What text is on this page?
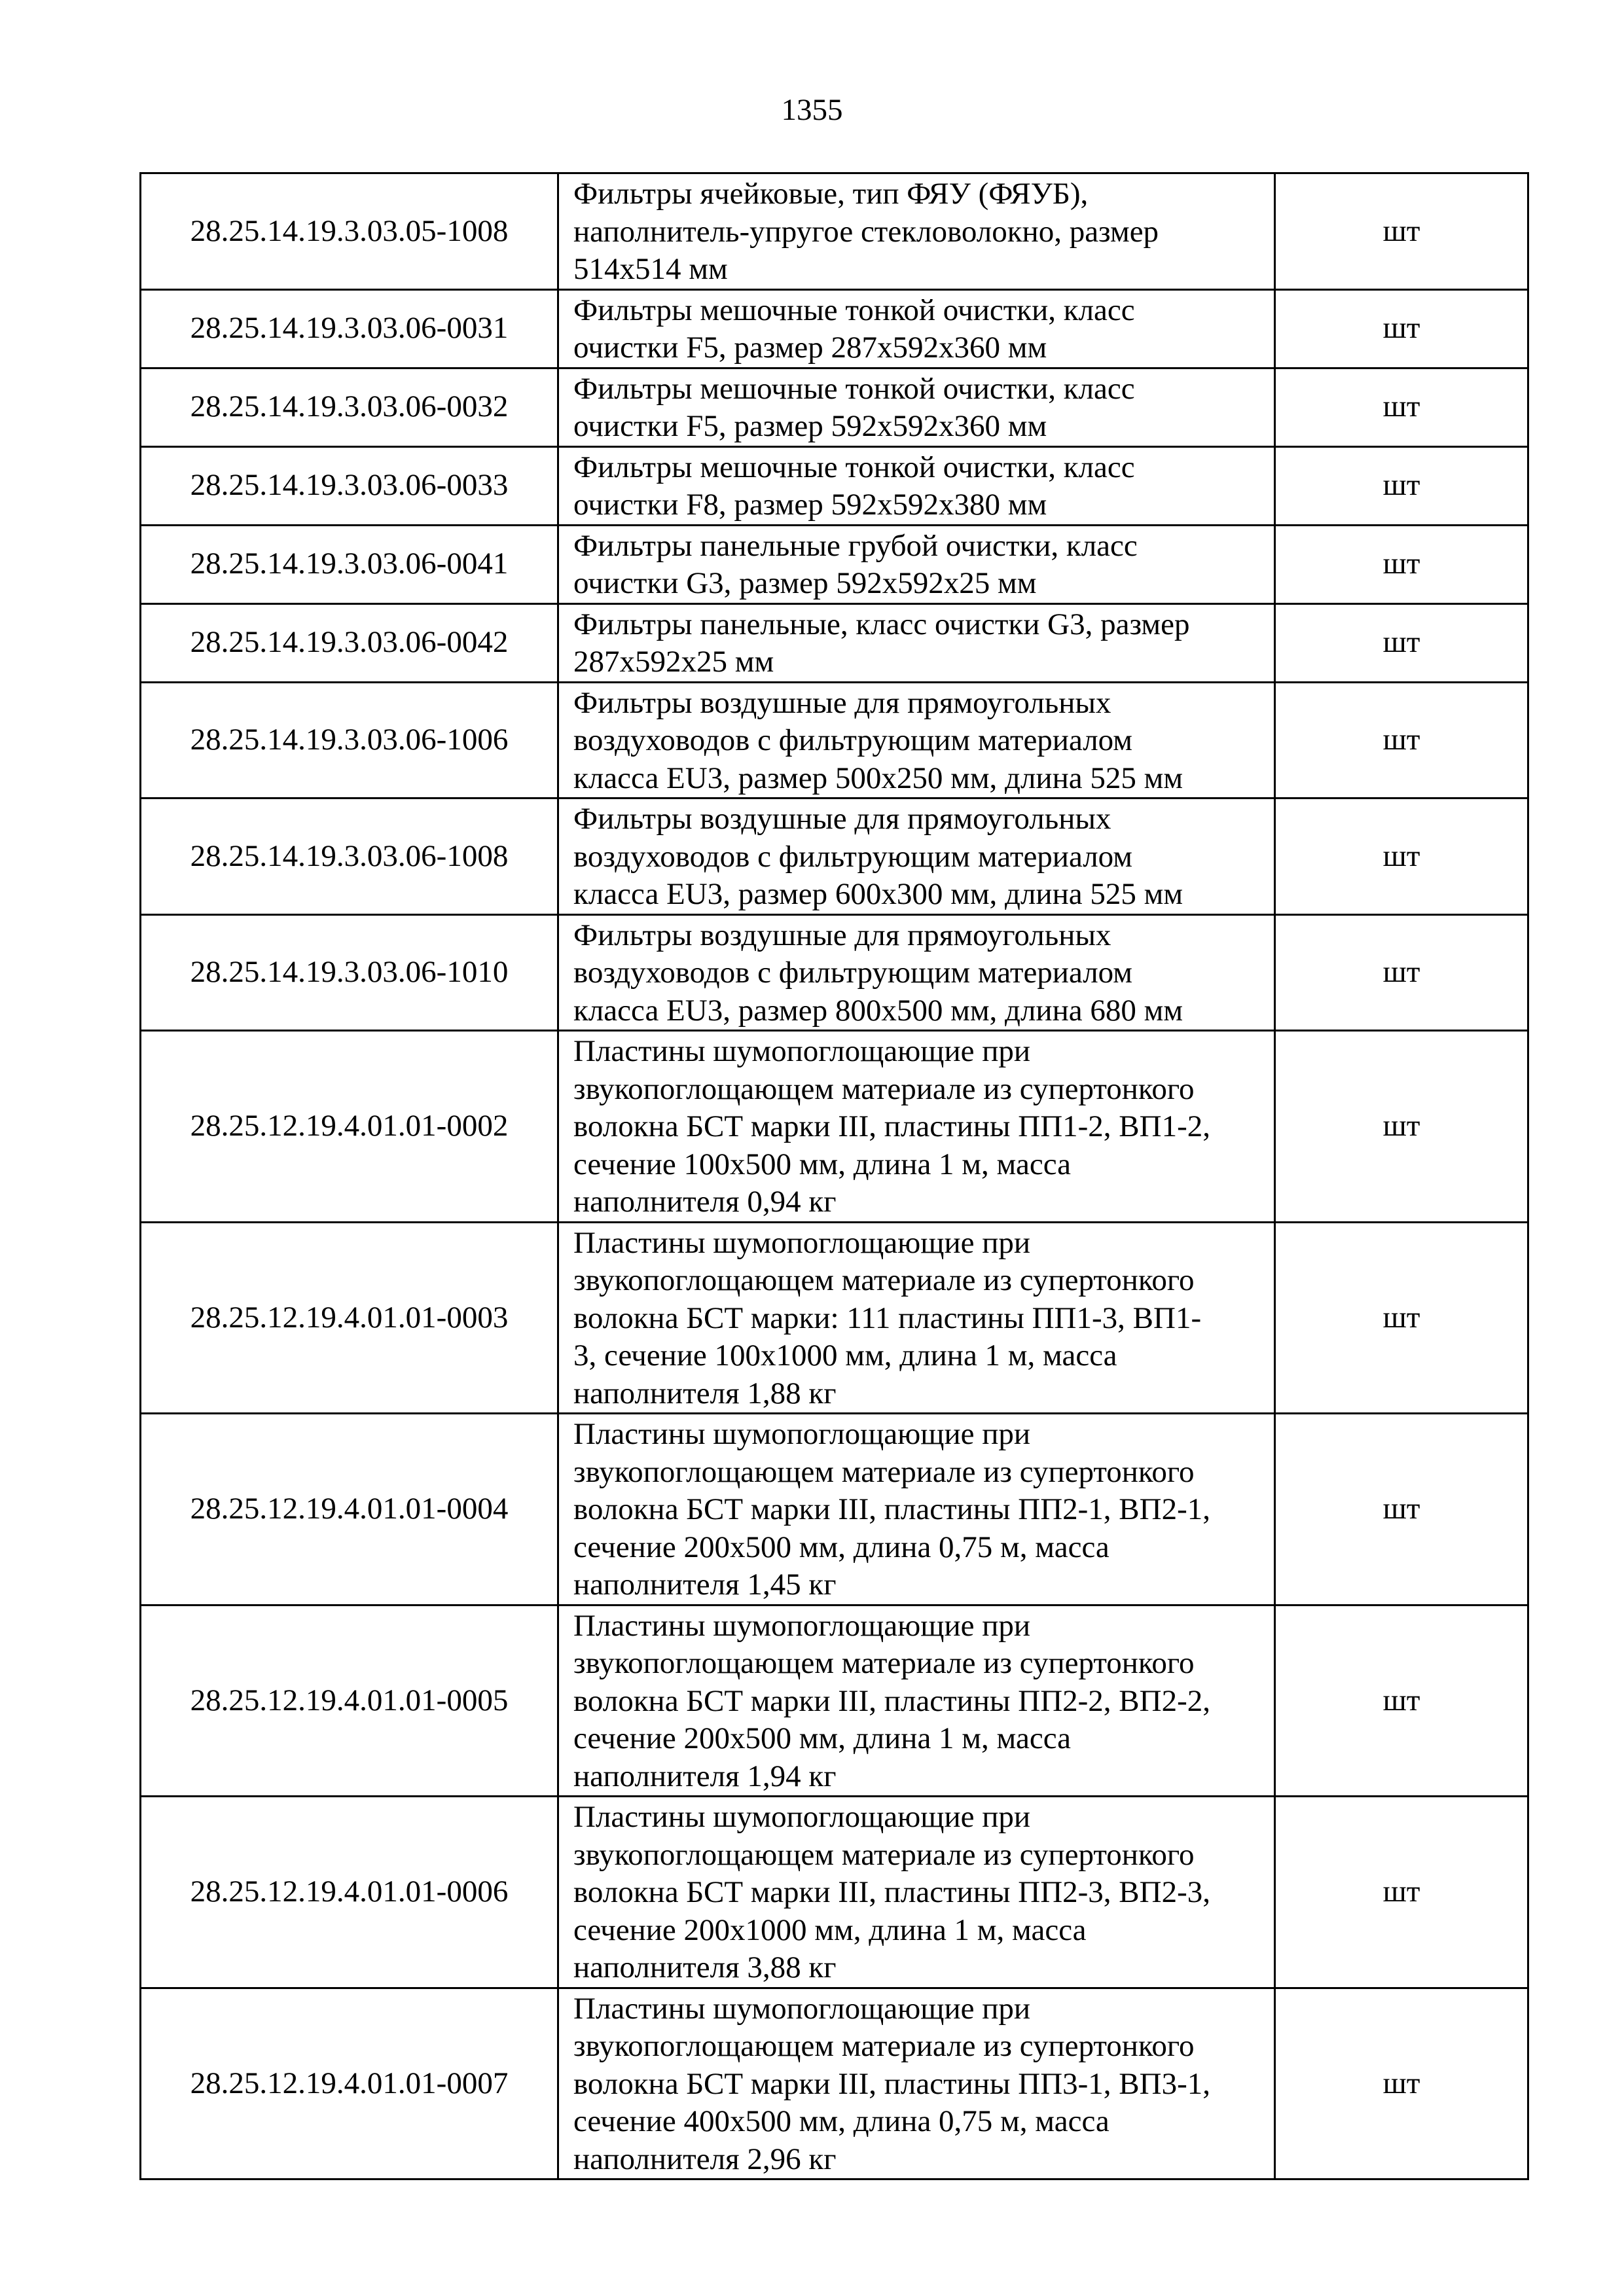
1355
28.25.14.19.3.03.05-1008	Фильтры ячейковые, тип ФЯУ (ФЯУБ),
наполнитель-упругое стекловолокно, размер
514х514 мм	шт
28.25.14.19.3.03.06-0031	Фильтры мешочные тонкой очистки, класс
очистки F5, размер 287х592х360 мм	шт
28.25.14.19.3.03.06-0032	Фильтры мешочные тонкой очистки, класс
очистки F5, размер 592х592х360 мм	шт
28.25.14.19.3.03.06-0033	Фильтры мешочные тонкой очистки, класс
очистки F8, размер 592х592х380 мм	шт
28.25.14.19.3.03.06-0041	Фильтры панельные грубой очистки, класс
очистки G3, размер 592х592х25 мм	шт
28.25.14.19.3.03.06-0042	Фильтры панельные, класс очистки G3, размер
287х592х25 мм	шт
28.25.14.19.3.03.06-1006	Фильтры воздушные для прямоугольных
воздуховодов с фильтрующим материалом
класса EU3, размер 500х250 мм, длина 525 мм	шт
28.25.14.19.3.03.06-1008	Фильтры воздушные для прямоугольных
воздуховодов с фильтрующим материалом
класса EU3, размер 600х300 мм, длина 525 мм	шт
28.25.14.19.3.03.06-1010	Фильтры воздушные для прямоугольных
воздуховодов с фильтрующим материалом
класса EU3, размер 800х500 мм, длина 680 мм	шт
28.25.12.19.4.01.01-0002	Пластины шумопоглощающие при
звукопоглощающем материале из супертонкого
волокна БСТ марки III, пластины ПП1-2, ВП1-2,
сечение 100х500 мм, длина 1 м, масса
наполнителя 0,94 кг	шт
28.25.12.19.4.01.01-0003	Пластины шумопоглощающие при
звукопоглощающем материале из супертонкого
волокна БСТ марки: 111 пластины ПП1-3, ВП1-
3, сечение 100х1000 мм, длина 1 м, масса
наполнителя 1,88 кг	шт
28.25.12.19.4.01.01-0004	Пластины шумопоглощающие при
звукопоглощающем материале из супертонкого
волокна БСТ марки III, пластины ПП2-1, ВП2-1,
сечение 200х500 мм, длина 0,75 м, масса
наполнителя 1,45 кг	шт
28.25.12.19.4.01.01-0005	Пластины шумопоглощающие при
звукопоглощающем материале из супертонкого
волокна БСТ марки III, пластины ПП2-2, ВП2-2,
сечение 200х500 мм, длина 1 м, масса
наполнителя 1,94 кг	шт
28.25.12.19.4.01.01-0006	Пластины шумопоглощающие при
звукопоглощающем материале из супертонкого
волокна БСТ марки III, пластины ПП2-3, ВП2-3,
сечение 200х1000 мм, длина 1 м, масса
наполнителя 3,88 кг	шт
28.25.12.19.4.01.01-0007	Пластины шумопоглощающие при
звукопоглощающем материале из супертонкого
волокна БСТ марки III, пластины ПП3-1, ВП3-1,
сечение 400х500 мм, длина 0,75 м, масса
наполнителя 2,96 кг	шт
